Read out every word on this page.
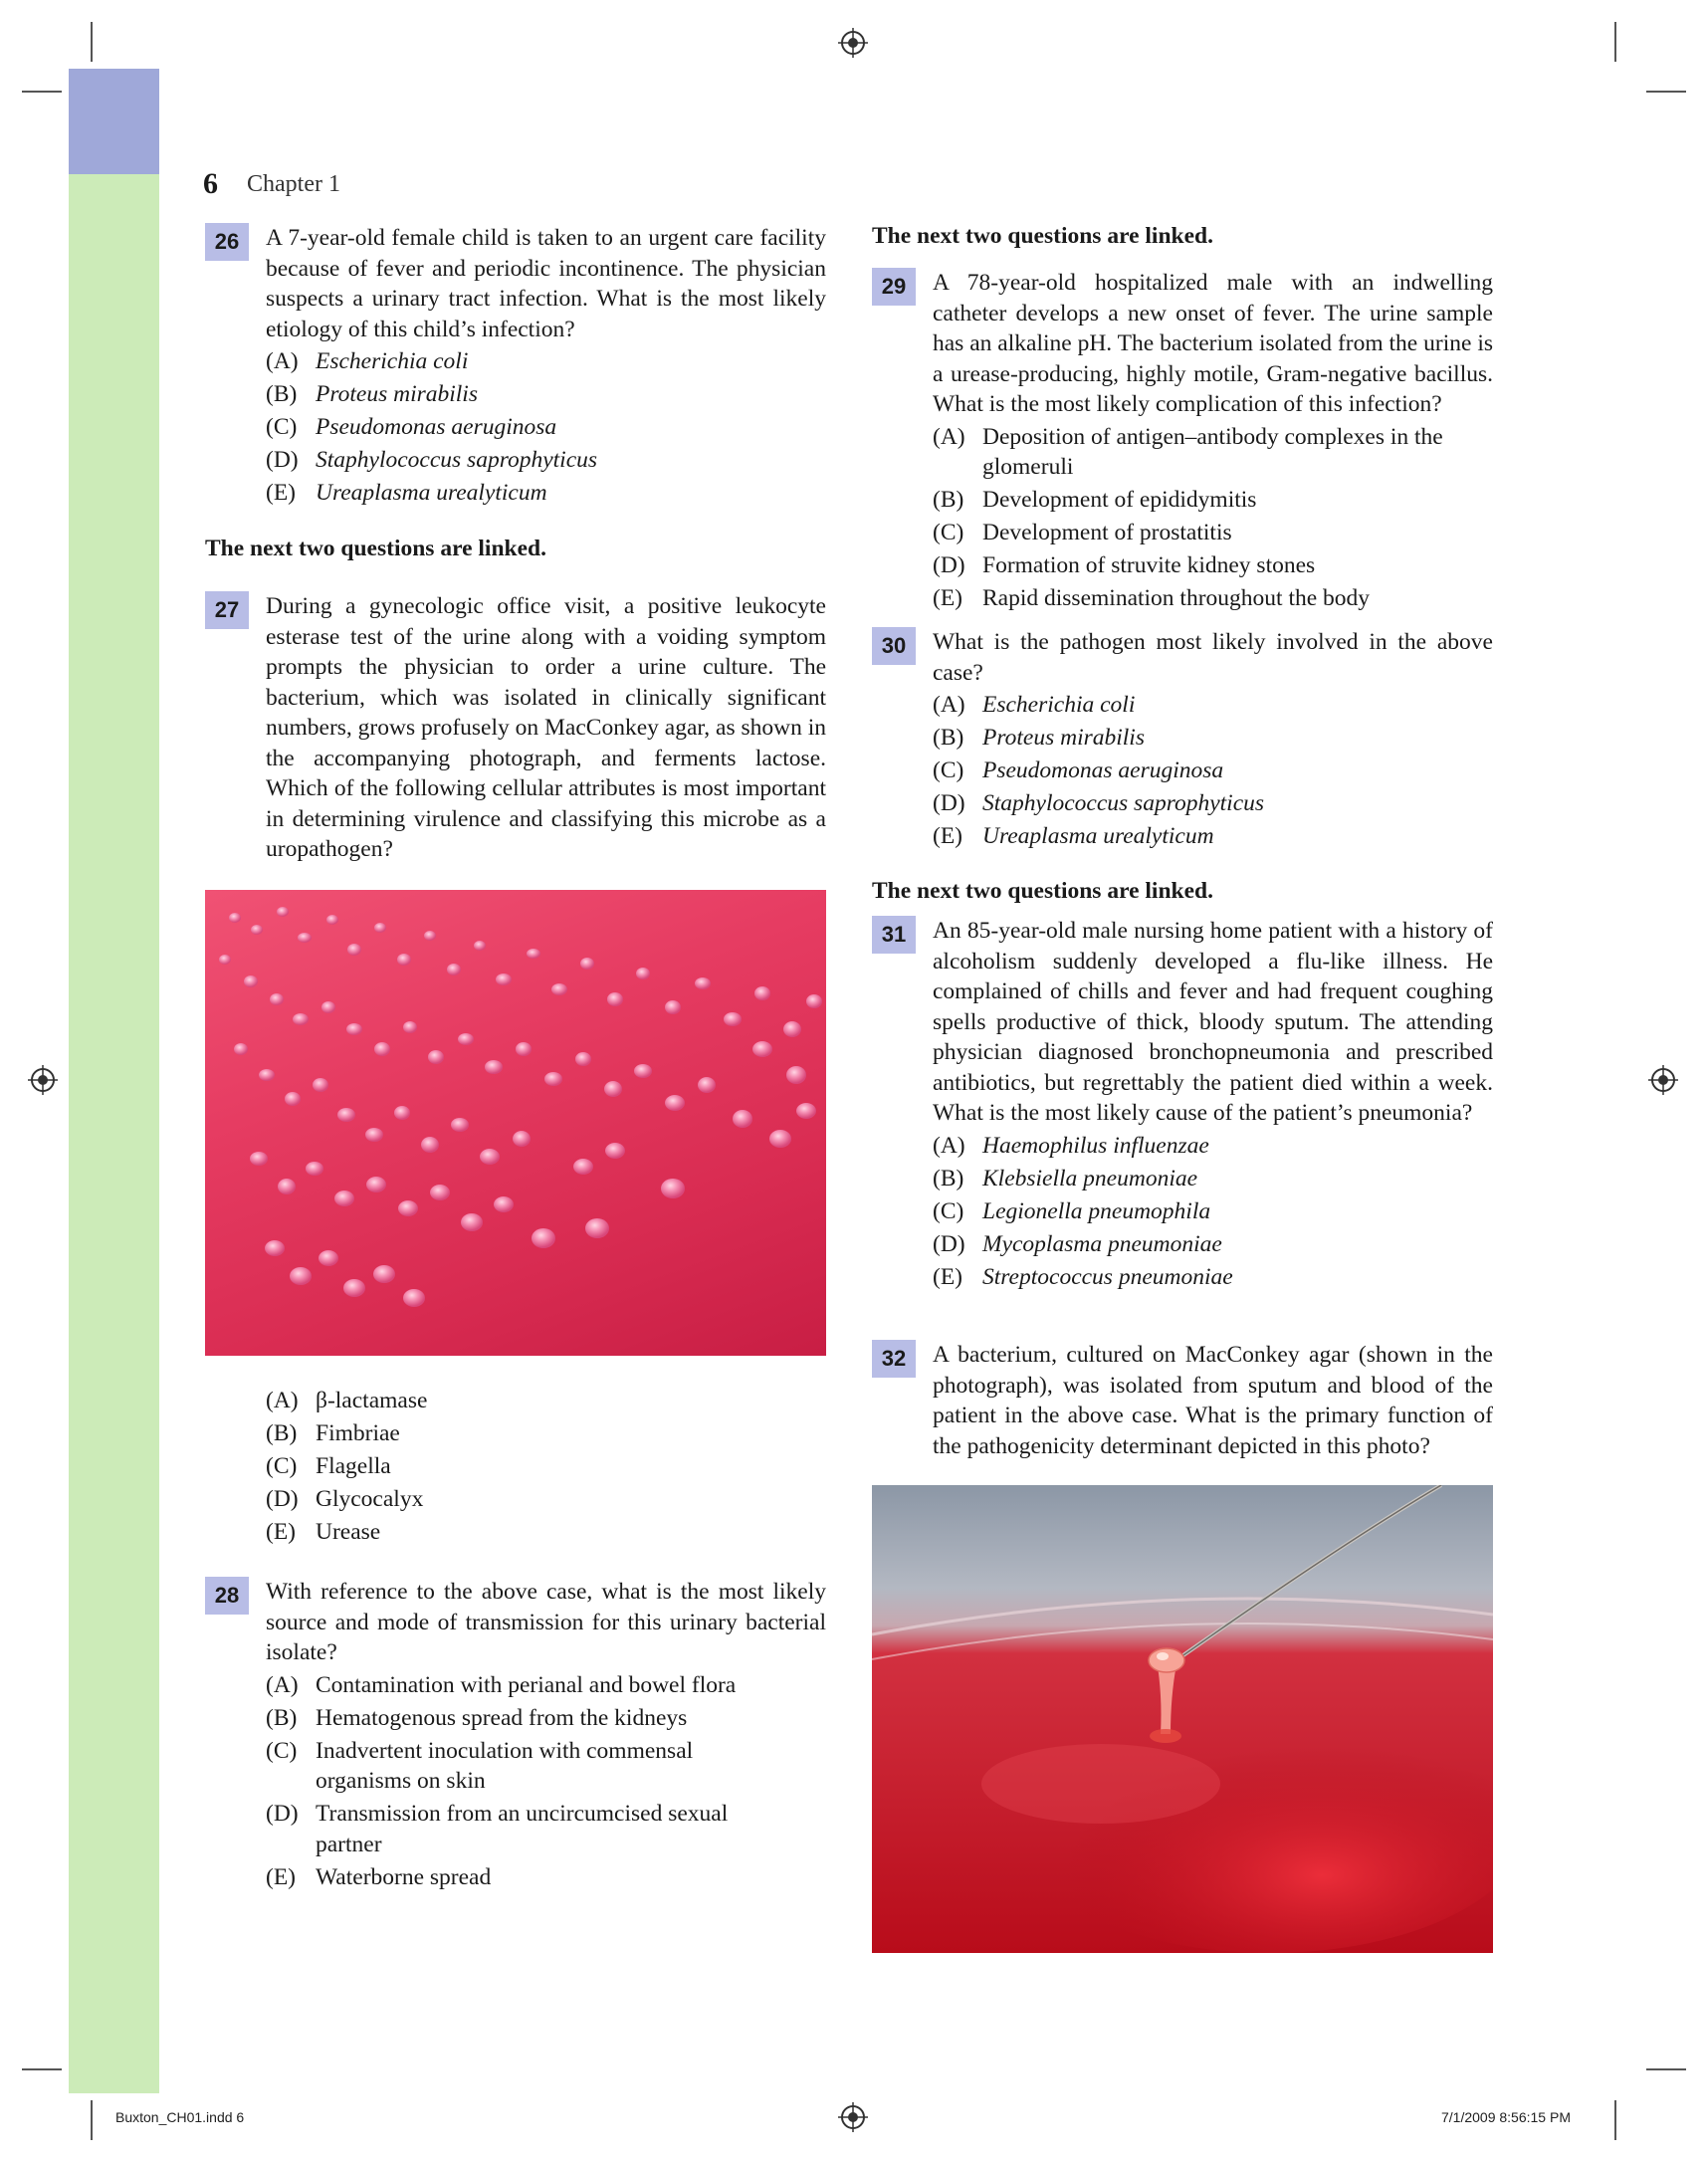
6 Chapter 1
26	A 7-year-old female child is taken to an urgent care facility because of fever and periodic incontinence. The physician suspects a urinary tract infection. What is the most likely etiology of this child’s infection?
(A) Escherichia coli
(B) Proteus mirabilis
(C) Pseudomonas aeruginosa
(D) Staphylococcus saprophyticus
(E) Ureaplasma urealyticum
The next two questions are linked.
27	During a gynecologic office visit, a positive leukocyte esterase test of the urine along with a voiding symptom prompts the physician to order a urine culture. The bacterium, which was isolated in clinically significant numbers, grows profusely on MacConkey agar, as shown in the accompanying photograph, and ferments lactose. Which of the following cellular attributes is most important in determining virulence and classifying this microbe as a uropathogen?
(A) β-lactamase
(B) Fimbriae
(C) Flagella
(D) Glycocalyx
(E) Urease
28	With reference to the above case, what is the most likely source and mode of transmission for this urinary bacterial isolate?
(A) Contamination with perianal and bowel flora
(B) Hematogenous spread from the kidneys
(C) Inadvertent inoculation with commensal organisms on skin
(D) Transmission from an uncircumcised sexual partner
(E) Waterborne spread
The next two questions are linked.
29	A 78-year-old hospitalized male with an indwelling catheter develops a new onset of fever. The urine sample has an alkaline pH. The bacterium isolated from the urine is a urease-producing, highly motile, Gram-negative bacillus. What is the most likely complication of this infection?
(A) Deposition of antigen–antibody complexes in the glomeruli
(B) Development of epididymitis
(C) Development of prostatitis
(D) Formation of struvite kidney stones
(E) Rapid dissemination throughout the body
30	What is the pathogen most likely involved in the above case?
(A) Escherichia coli
(B) Proteus mirabilis
(C) Pseudomonas aeruginosa
(D) Staphylococcus saprophyticus
(E) Ureaplasma urealyticum
The next two questions are linked.
31	An 85-year-old male nursing home patient with a history of alcoholism suddenly developed a flu-like illness. He complained of chills and fever and had frequent coughing spells productive of thick, bloody sputum. The attending physician diagnosed bronchopneumonia and prescribed antibiotics, but regrettably the patient died within a week. What is the most likely cause of the patient’s pneumonia?
(A) Haemophilus influenzae
(B) Klebsiella pneumoniae
(C) Legionella pneumophila
(D) Mycoplasma pneumoniae
(E) Streptococcus pneumoniae
32	A bacterium, cultured on MacConkey agar (shown in the photograph), was isolated from sputum and blood of the patient in the above case. What is the primary function of the pathogenicity determinant depicted in this photo?
Buxton_CH01.indd 6	7/1/2009 8:56:15 PM
